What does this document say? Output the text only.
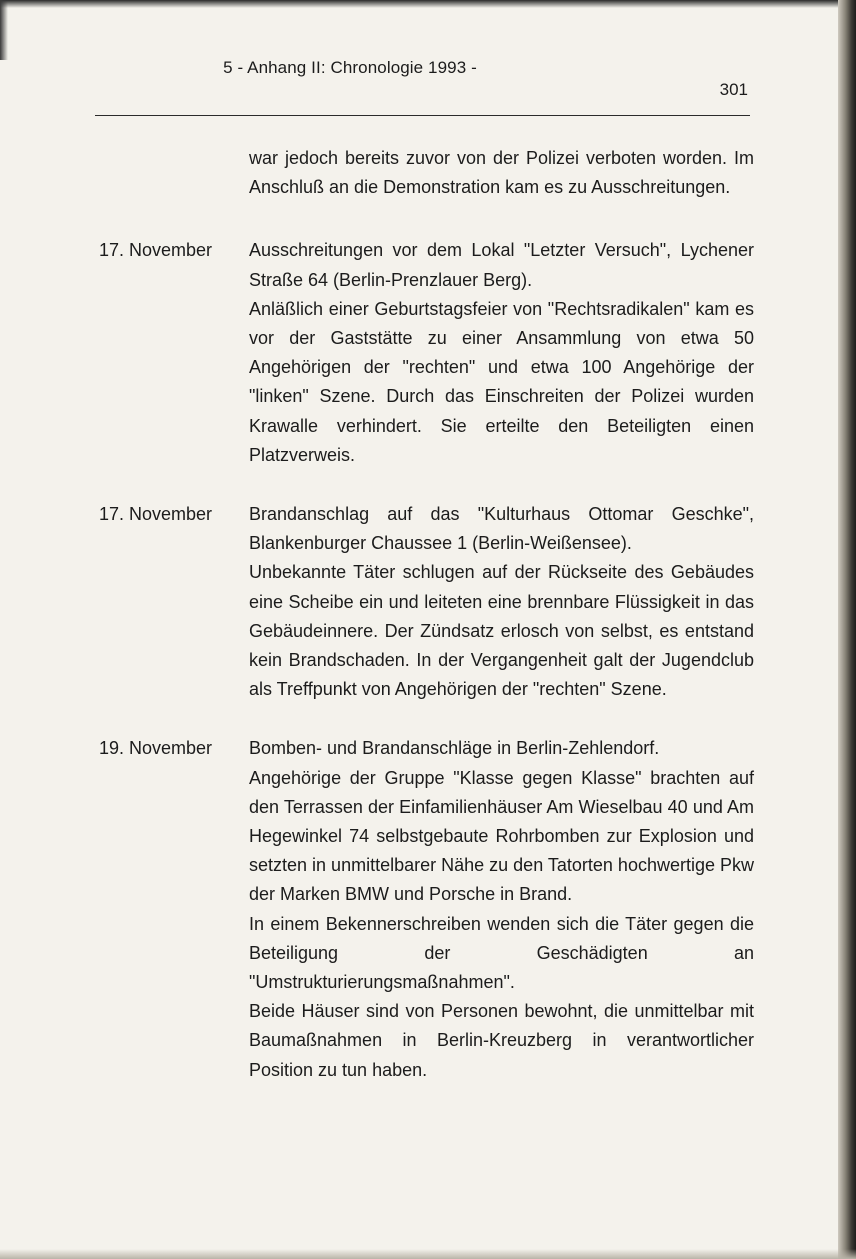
5 - Anhang II: Chronologie 1993 -
301

war jedoch bereits zuvor von der Polizei verboten worden. Im Anschluß an die Demonstration kam es zu Ausschreitungen.

17. November	Ausschreitungen vor dem Lokal "Letzter Versuch", Lychener Straße 64 (Berlin-Prenzlauer Berg).

Anläßlich einer Geburtstagsfeier von "Rechtsradikalen" kam es vor der Gaststätte zu einer Ansammlung von etwa 50 Angehörigen der "rechten" und etwa 100 Angehörige der "linken" Szene. Durch das Einschreiten der Polizei wurden Krawalle verhindert. Sie erteilte den Beteiligten einen Platzverweis.

17. November	Brandanschlag auf das "Kulturhaus Ottomar Geschke", Blankenburger Chaussee 1 (Berlin-Weißensee).

Unbekannte Täter schlugen auf der Rückseite des Gebäudes eine Scheibe ein und leiteten eine brennbare Flüssigkeit in das Gebäudeinnere. Der Zündsatz erlosch von selbst, es entstand kein Brandschaden. In der Vergangenheit galt der Jugendclub als Treffpunkt von Angehörigen der "rechten" Szene.

19. November	Bomben- und Brandanschläge in Berlin-Zehlendorf.

Angehörige der Gruppe "Klasse gegen Klasse" brachten auf den Terrassen der Einfamilienhäuser Am Wieselbau 40 und Am Hegewinkel 74 selbstgebaute Rohrbomben zur Explosion und setzten in unmittelbarer Nähe zu den Tatorten hochwertige Pkw der Marken BMW und Porsche in Brand.

In einem Bekennerschreiben wenden sich die Täter gegen die Beteiligung der Geschädigten an "Umstrukturierungsmaßnahmen".

Beide Häuser sind von Personen bewohnt, die unmittelbar mit Baumaßnahmen in Berlin-Kreuzberg in verantwortlicher Position zu tun haben.
